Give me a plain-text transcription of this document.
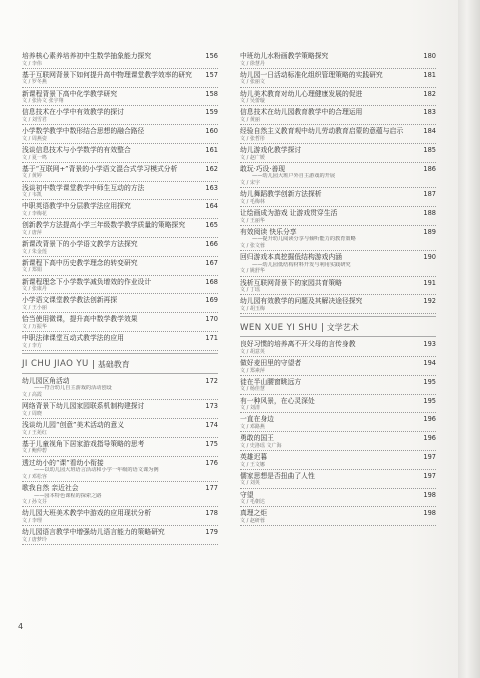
培养核心素养培养初中生数学抽象能力探究	156
文 / 李伟
基于互联网背景下如何提升高中物理课堂教学效率的研究	157
文 / 罗冬燕
新课程背景下高中化学教学研究	158
文 / 张协文 张宇翔
信息技术在小学中有效教学的探讨	159
文 / 刘雪君
小学数学教学中数形结合思想的融合路径	160
文 / 周燕姿
浅谈信息技术与小学数学的有效整合	161
文 / 夏一鸣
基于“互联网+”背景的小学语文混合式学习模式分析	162
文 / 黄婷
浅谈初中数学课堂教学中师生互动的方法	163
文 / 韦凯
中职英语教学中分层教学法应用探究	164
文 / 李梅花
创新教学方法提高小学三年级数学教学质量的策略探究	165
文 / 唐萍
新课改背景下的小学语文教学方法探究	166
文 / 朱金莲
新课程下高中历史教学理念的转变研究	167
文 / 郑娟
新课程理念下小学数学减负增效的作业设计	168
文 / 张康丹
小学语文课堂教学教法创新再探	169
文 / 王小丽
恰当使用微课，提升高中数学教学效果	170
文 / 万振华
中职法律课堂互动式教学法的应用	171
文 / 李方
JI CHU JIAO YU 基础教育
幼儿园区角活动	172
——符合幼儿自主游戏的活动创设
文 / 高霞
网络背景下幼儿园家园联系机制构建探讨	173
文 / 周晓
浅谈幼儿园“创意”美术活动的意义	174
文 / 王苑红
基于儿童视角下居家游戏指导策略的思考	175
文 / 鲍仲碧
透过幼小的“课”看幼小衔接	176
——以幼儿园大班语言活动和小学一年级的语文课为例
文 / 邓松容
歌我自然 亲近社会	177
——园本特色课程的探索之路
文 / 孙文芬
幼儿园大班美术教学中游戏的应用现状分析	178
文 / 李理
幼儿园语言教学中增强幼儿语言能力的策略研究	179
文 / 唐梦玲
中班幼儿水粉画教学策略探究	180
文 / 徐慧丹
幼儿园一日活动标准化组织管理策略的实践研究	181
文 / 张丽文
幼儿美术教育对幼儿心理健康发展的促进	182
文 / 吴蕾璇
信息技术在幼儿园教育教学中的合理运用	183
文 / 黄丽
经验自然主义教育观中幼儿劳动教育启蒙的意蕴与启示	184
文 / 张哲彤
幼儿游戏化教学探讨	185
文 / 赵广媛
敢玩·巧设·善现	186
——幼儿园大班户外自主游戏的开展
文 / 宋宇
幼儿舞蹈教学创新方法探析	187
文 / 毛梅林
让绘画成为游戏 让游戏贯穿生活	188
文 / 王丽华
有效阅读 快乐分享	189
——提升幼儿阅读分享与倾听能力的教育策略
文 / 张文蓉
回归游戏本真挖掘低结构游戏内涵	190
——幼儿园低结构材料开发与利用实践研究
文 / 姚舒华
浅析互联网背景下的家园共育策略	191
文 / 丁瑶
幼儿园有效教学的问题及其解决途径探究	192
文 / 胡玉梅
WEN XUE YI SHU 文学艺术
良好习惯的培养离不开父母的言传身教	193
文 / 胡意英
做好麦田里的守望者	194
文 / 郑素萍
徒在半山腰窗眺远方	195
文 / 杨佳慧
有一种风景，在心灵深处	195
文 / 刘清
一直在身边	196
文 / 邓路燕
勇敢的国王	196
文 / 史洛瑶 文广海
英雄迟暮	197
文 / 王文娜
儒家思想是否扭曲了人性	197
文 / 刘英
守望	198
文 / 毛朝达
真理之炬	198
文 / 赵研蓉
4
